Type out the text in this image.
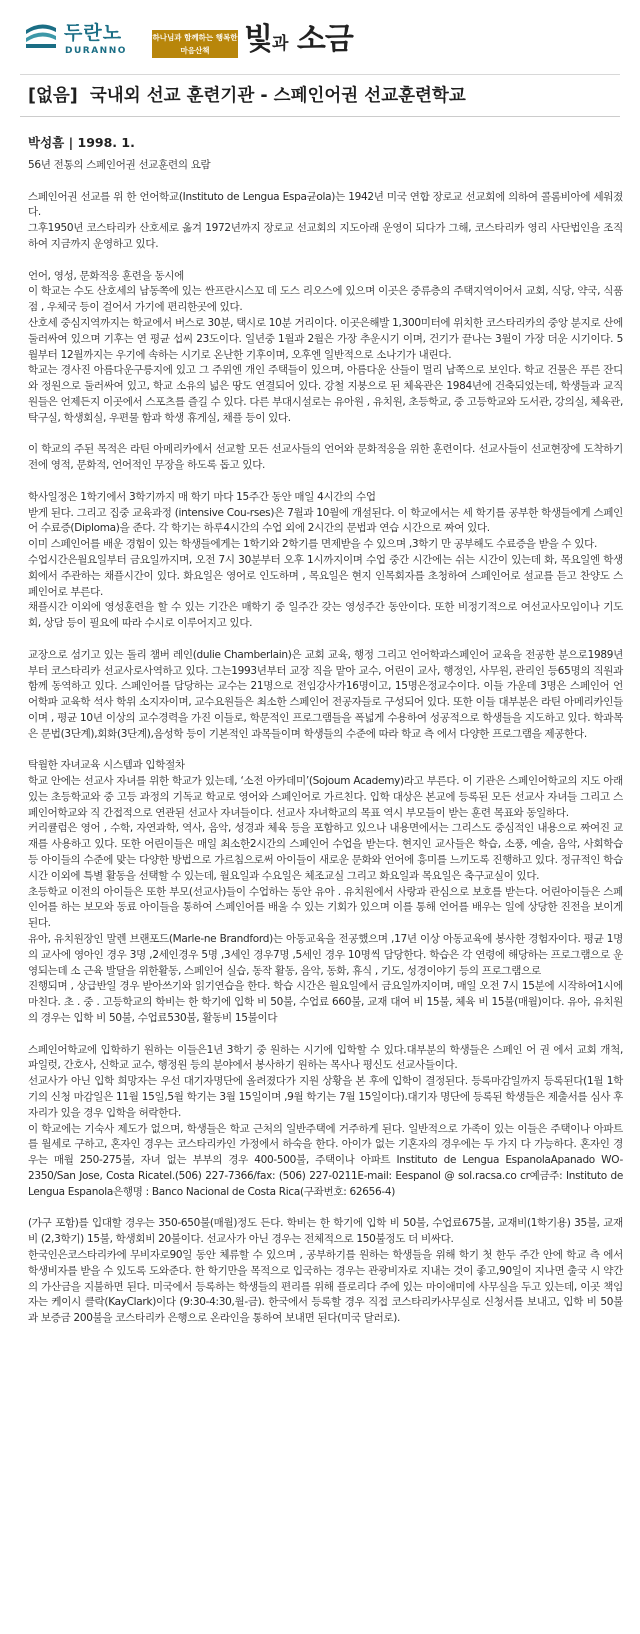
두란노
DURANNO
하나님과 함께하는 행복한 마음산책	빛과 소금
[없음] 국내외 선교 훈련기관 - 스페인어권 선교훈련학교
박성흠 | 1998. 1.

56년 전통의 스페인어권 선교훈련의 요람

스페인어권 선교를 위 한 언어학교(Instituto de Lengua Espa균ola)는 1942년 미국 연합 장로교 선교회에 의하여 콜롬비아에 세워졌다.

그후1950년 코스타리카 산호세로 옮겨 1972년까지 장로교 선교회의 지도아래 운영이 되다가 그해, 코스타리카 영리 사단법인을 조직하여 지금까지 운영하고 있다.

언어, 영성, 문화적응 훈련을 동시에

이 학교는 수도 산호세의 남동쪽에 있는 싼프란시스꼬 데 도스 리오스에 있으며 이곳은 중류층의 주택지역이어서 교회, 식당, 약국, 식품점 , 우체국 등이 걸어서 가기에 편리한곳에 있다.

산호세 중심지역까지는 학교에서 버스로 30분, 택시로 10분 거리이다. 이곳은해발 1,300미터에 위치한 코스타리카의 중앙 분지로 산에 둘러싸여 있으며 기후는 연 평균 섭씨 23도이다. 일년중 1월과 2월은 가장 추운시기 이며, 건기가 끝나는 3월이 가장 더운 시기이다. 5월부터 12월까지는 우기에 속하는 시기로 온난한 기후이며, 오후엔 일반적으로 소나기가 내린다.

학교는 경사진 아름다운구릉지에 있고 그 주위엔 개인 주택들이 있으며, 아름다운 산들이 멀리 남쪽으로 보인다. 학교 건물은 푸른 잔디와 정원으로 둘러싸여 있고, 학교 소유의 넓은 땅도 연결되어 있다. 강철 지붕으로 된 체육관은 1984년에 건축되었는데, 학생들과 교직원들은 언제든지 이곳에서 스포츠를 즐길 수 있다. 다른 부대시설로는 유아원 , 유치원, 초등학교, 중 고등학교와 도서관, 강의실, 체육관, 탁구실, 학생회실, 우편물 함과 학생 휴게실, 채플 등이 있다.

이 학교의 주된 목적은 라틴 아메리카에서 선교할 모든 선교사들의 언어와 문화적응을 위한 훈련이다. 선교사들이 선교현장에 도착하기 전에 영적, 문화적, 언어적인 무장을 하도록 돕고 있다.

학사일정은 1학기에서 3학기까지 매 학기 마다 15주간 동안 매일 4시간의 수업

받게 된다. 그리고 집중 교육과정 (intensive Cou-rses)은 7월과 10월에 개설된다. 이 학교에서는 세 학기를 공부한 학생들에게 스페인어 수료증(Diploma)을 준다. 각 학기는 하루4시간의 수업 외에 2시간의 문법과 연습 시간으로 짜여 있다.

이미 스페인어를 배운 경험이 있는 학생들에게는 1학기와 2학기를 면제받을 수 있으며 ,3학기 만 공부해도 수료증을 받을 수 있다.

수업시간은월요일부터 금요일까지며, 오전 7시 30분부터 오후 1시까지이며 수업 중간 시간에는 쉬는 시간이 있는데 화, 목요일엔 학생회에서 주관하는 채플시간이 있다. 화요일은 영어로 인도하며 , 목요일은 현지 인목회자를 초청하여 스페인어로 설교를 듣고 찬양도 스페인어로 부른다.

채플시간 이외에 영성훈련을 할 수 있는 기간은 매학기 중 일주간 갖는 영성주간 동안이다. 또한 비정기적으로 여선교사모임이나 기도회, 상담 등이 필요에 따라 수시로 이루어지고 있다.

교장으로 섬기고 있는 돌리 챔버 레인(dulie Chamberlain)은 교회 교육, 행정 그리고 언어학과스페인어 교육을 전공한 분으로1989년부터 코스타리카 선교사로사역하고 있다. 그는1993년부터 교장 직을 맡아 교수, 어린이 교사, 행정인, 사무원, 관리인 등65명의 직원과 함께 동역하고 있다. 스페인어를 담당하는 교수는 21명으로 전임강사가16명이고, 15명은정교수이다. 이들 가운데 3명은 스페인어 언어학파 교육학 석사 학위 소지자이며, 교수요원들은 최소한 스페인어 전공자들로 구성되어 있다. 또한 이들 대부분은 라틴 아메리카인들이며 , 평균 10년 이상의 교수경력을 가진 이들로, 학문적인 프로그램들을 폭넓게 수용하여 성공적으로 학생들을 지도하고 있다. 학과목은 문법(3단계),회화(3단계),음성학 등이 기본적인 과목들이며 학생들의 수준에 따라 학교 측 에서 다양한 프로그램을 제공한다.

탁월한 자녀교육 시스템과 입학절차

학교 안에는 선교사 자녀를 위한 학교가 있는데, ‘소전 아카데미’(Sojoum Academy)라고 부른다. 이 기관은 스페인어학교의 지도 아래 있는 초등학교와 중 고등 과정의 기독교 학교로 영어와 스페인어로 가르친다. 입학 대상은 본교에 등록된 모든 선교사 자녀들 그리고 스페인어학교와 직 간접적으로 연관된 선교사 자녀들이다. 선교사 자녀학교의 목표 역시 부모들이 받는 훈련 목표와 동일하다.

커리큘럼은 영어 , 수학, 자연과학, 역사, 음악, 성경과 체육 등을 포함하고 있으나 내용면에서는 그리스도 중심적인 내용으로 짜여진 교재를 사용하고 있다. 또한 어린이들은 매일 최소한2시간의 스페인어 수업을 받는다. 현지인 교사들은 학습, 소풍, 예술, 음악, 사회학습 등 아이들의 수준에 맞는 다양한 방법으로 가르침으로써 아이들이 새로운 문화와 언어에 흥미를 느끼도록 진행하고 있다. 정규적인 학습시간 이외에 특별 활동을 선택할 수 있는데, 월요일과 수요일은 체조교실 그리고 화요일과 목요일은 축구교실이 있다.

초등학교 이전의 아이들은 또한 부모(선교사)들이 수업하는 동안 유아 . 유치원에서 사랑과 관심으로 보호를 받는다. 어린아이들은 스페인어를 하는 보모와 동료 아이들을 통하여 스페인어를 배울 수 있는 기회가 있으며 이를 통해 언어를 배우는 일에 상당한 진전을 보이게 된다.

유아, 유치원장인 말렌 브랜포드(Marle-ne Brandford)는 아동교육을 전공했으며 ,17년 이상 아동교육에 봉사한 경험자이다. 평균 1명의 교사에 영아인 경우 3명 ,2세인경우 5명 ,3세인 경우7명 ,5세인 경우 10명씩 담당한다. 학습은 각 연령에 해당하는 프로그램으로 운영되는데 소 근육 발달을 위한활동, 스페인어 실습, 동작 활동, 음악, 동화, 휴식 , 기도, 성경이야기 등의 프로그램으로

진행되며 , 상급반일 경우 받아쓰기와 읽기연습을 한다. 학습 시간은 월요일에서 금요일까지이며, 매일 오전 7시 15분에 시작하여1시에 마친다. 초 . 중 . 고등학교의 학비는 한 학기에 입학 비 50불, 수업료 660불, 교재 대여 비 15불, 체육 비 15불(매월)이다. 유아, 유치원의 경우는 입학 비 50불, 수업료530불, 활동비 15불이다

스페인어학교에 입학하기 원하는 이들은1년 3학기 중 원하는 시기에 입학할 수 있다.대부분의 학생들은 스페인 어 권 에서 교회 개척, 파일럿, 간호사, 신학교 교수, 행정원 등의 분야에서 봉사하기 원하는 목사나 평신도 선교사들이다.

선교사가 아닌 입학 희망자는 우선 대기자명단에 올려졌다가 지원 상황을 본 후에 입학이 결정된다. 등록마감일까지 등록된다(1월 1학기의 신청 마감일은 11월 15일,5월 학기는 3월 15일이며 ,9월 학기는 7월 15일이다).대기자 명단에 등록된 학생들은 제출서를 심사 후 자리가 있을 경우 입학을 허락한다.

이 학교에는 기숙사 제도가 없으며, 학생들은 학교 근처의 일반주택에 거주하게 된다. 일반적으로 가족이 있는 이들은 주택이나 아파트를 월세로 구하고, 혼자인 경우는 코스타리카인 가정에서 하숙을 한다. 아이가 없는 기혼자의 경우에는 두 가지 다 가능하다. 혼자인 경우는 매월 250-275불, 자녀 없는 부부의 경우 400-500불, 주택이나 아파트 Instituto de Lengua EspanolaApanado WO-2350/San Jose, Costa Ricatel.(506) 227-7366/fax: (506) 227-0211E-mail: Eespanol @ sol.racsa.co cr예금주: Instituto de Lengua Espanola은행명 : Banco Nacional de Costa Rica(구좌번호: 62656-4)

(가구 포함)를 입대할 경우는 350-650불(매월)정도 든다. 학비는 한 학기에 입학 비 50불, 수업료675불, 교재비(1학기용) 35불, 교재비 (2,3학기) 15불, 학생회비 20불이다. 선교사가 아닌 경우는 전체적으로 150불정도 더 비싸다.

한국인은코스타리카에 무비자로90일 동안 체류할 수 있으며 , 공부하기를 원하는 학생들을 위해 학기 첫 한두 주간 안에 학교 측 에서 학생비자를 받을 수 있도록 도와준다. 한 학기만을 목적으로 입국하는 경우는 관광비자로 지내는 것이 좋고,90일이 지나면 출국 시 약간의 가산금을 지불하면 된다. 미국에서 등록하는 학생들의 편리를 위해 플로리다 주에 있는 마이애미에 사무실을 두고 있는데, 이곳 책임자는 케이시 클락(KayClark)이다 (9:30-4:30,월-금). 한국에서 등록할 경우 직접 코스타리카사무실로 신청서를 보내고, 입학 비 50불과 보증금 200불을 코스타리카 은행으로 온라인을 통하여 보내면 된다(미국 달러로).
